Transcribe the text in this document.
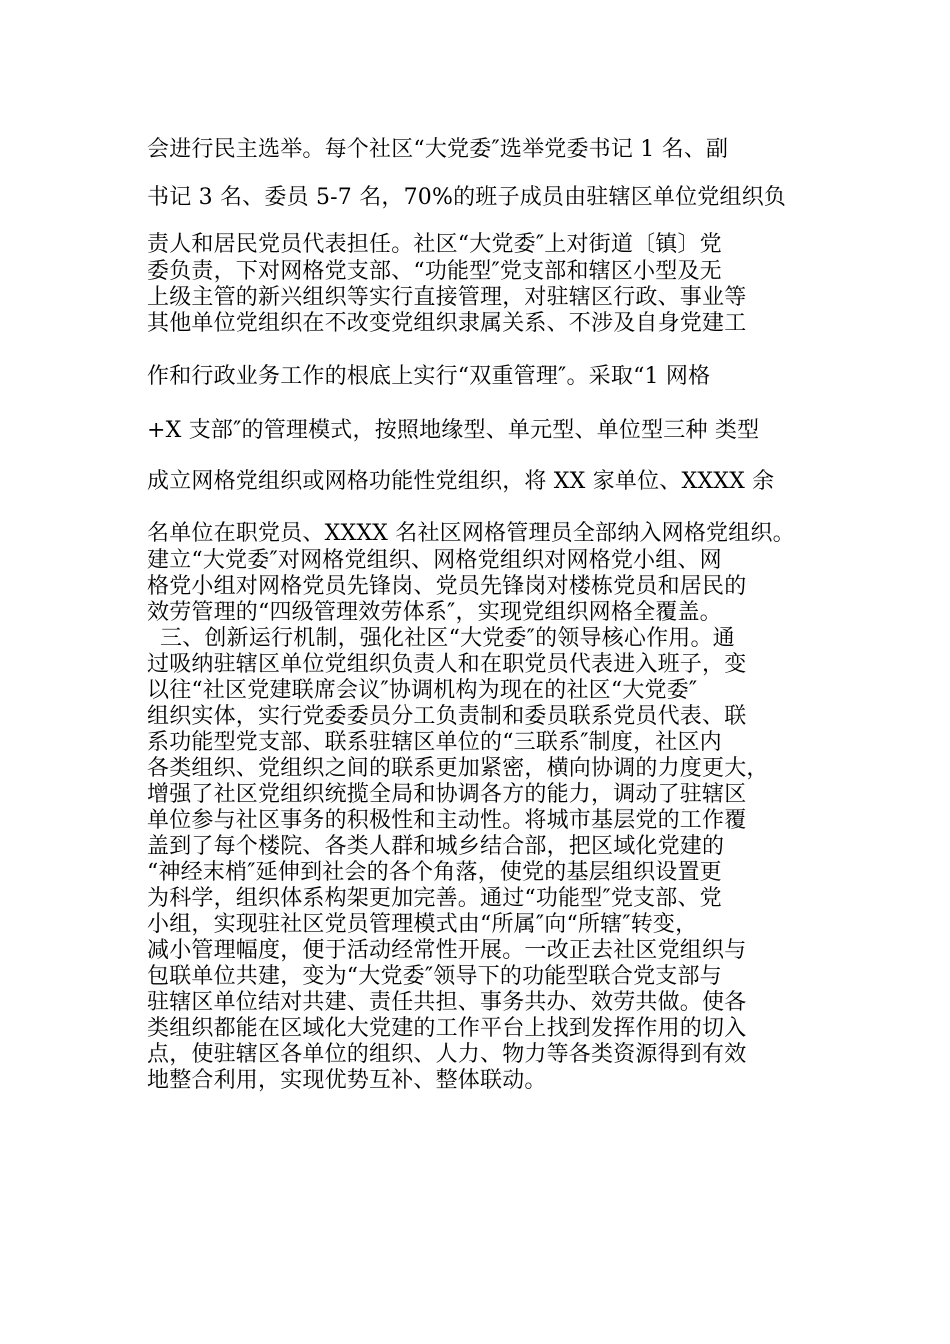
会进行民主选举。每个社区“大党委″选举党委书记 1 名、副
书记 3 名、委员 5-7 名，70%的班子成员由驻辖区单位党组织负
责人和居民党员代表担任。社区“大党委″上对街道〔镇〕党
委负责，下对网格党支部、“功能型″党支部和辖区小型及无
上级主管的新兴组织等实行直接管理，对驻辖区行政、事业等
其他单位党组织在不改变党组织隶属关系、不涉及自身党建工
作和行政业务工作的根底上实行“双重管理″。采取“1 网格
+X 支部″的管理模式，按照地缘型、单元型、单位型三种 类型
成立网格党组织或网格功能性党组织，将 XX 家单位、XXXX 余
名单位在职党员、XXXX 名社区网格管理员全部纳入网格党组织。
建立“大党委″对网格党组织、网格党组织对网格党小组、网
格党小组对网格党员先锋岗、党员先锋岗对楼栋党员和居民的
效劳管理的“四级管理效劳体系″，实现党组织网格全覆盖。
三、创新运行机制，强化社区“大党委″的领导核心作用。通
过吸纳驻辖区单位党组织负责人和在职党员代表进入班子，变
以往“社区党建联席会议″协调机构为现在的社区“大党委″
组织实体，实行党委委员分工负责制和委员联系党员代表、联
系功能型党支部、联系驻辖区单位的“三联系″制度，社区内
各类组织、党组织之间的联系更加紧密，横向协调的力度更大，
增强了社区党组织统揽全局和协调各方的能力，调动了驻辖区
单位参与社区事务的积极性和主动性。将城市基层党的工作覆
盖到了每个楼院、各类人群和城乡结合部，把区域化党建的
“神经末梢″延伸到社会的各个角落，使党的基层组织设置更
为科学，组织体系构架更加完善。通过“功能型″党支部、党
小组，实现驻社区党员管理模式由“所属″向“所辖″转变，
减小管理幅度，便于活动经常性开展。一改正去社区党组织与
包联单位共建，变为“大党委″领导下的功能型联合党支部与
驻辖区单位结对共建、责任共担、事务共办、效劳共做。使各
类组织都能在区域化大党建的工作平台上找到发挥作用的切入
点，使驻辖区各单位的组织、人力、物力等各类资源得到有效
地整合利用，实现优势互补、整体联动。
